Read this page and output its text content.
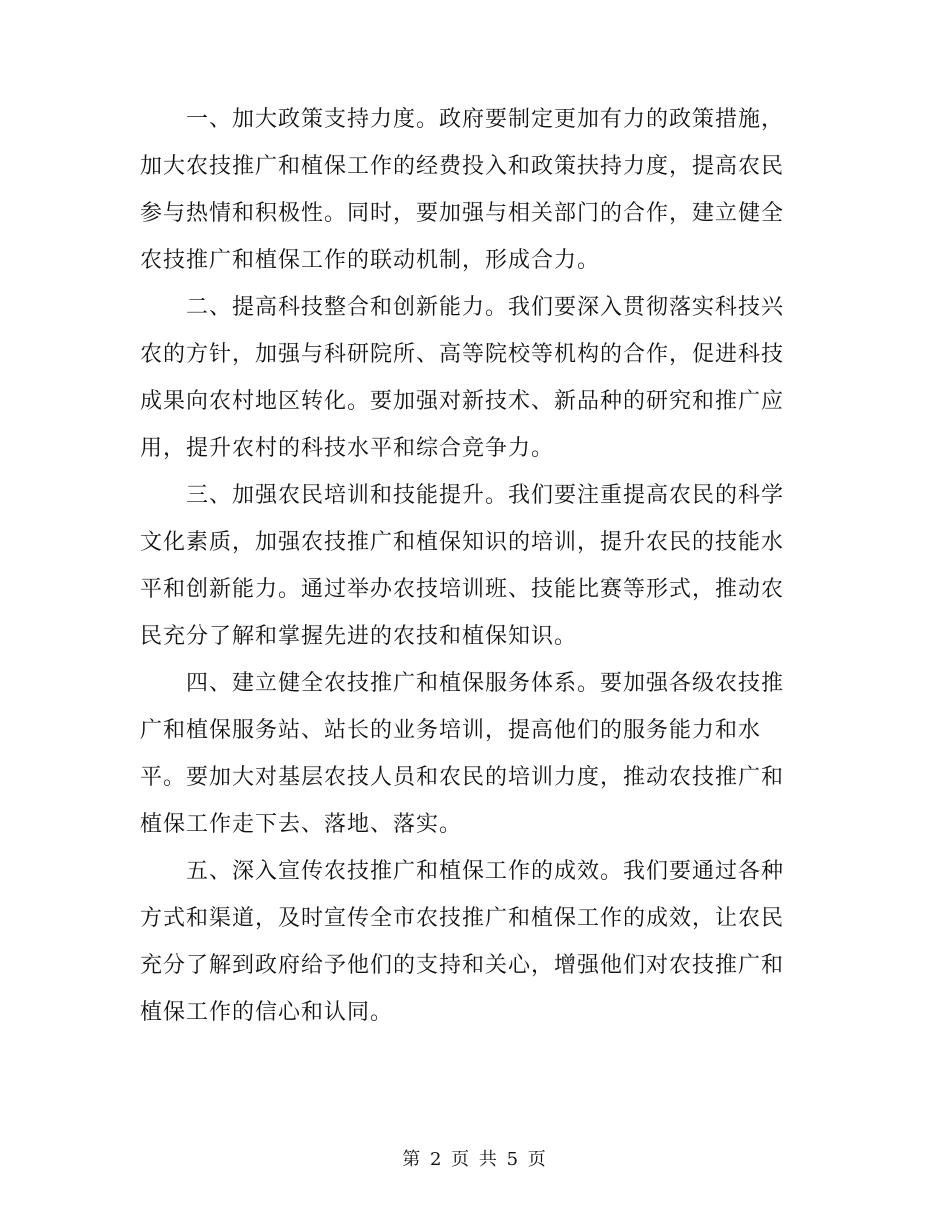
一、加大政策支持力度。政府要制定更加有力的政策措施，加大农技推广和植保工作的经费投入和政策扶持力度，提高农民参与热情和积极性。同时，要加强与相关部门的合作，建立健全农技推广和植保工作的联动机制，形成合力。

二、提高科技整合和创新能力。我们要深入贯彻落实科技兴农的方针，加强与科研院所、高等院校等机构的合作，促进科技成果向农村地区转化。要加强对新技术、新品种的研究和推广应用，提升农村的科技水平和综合竞争力。

三、加强农民培训和技能提升。我们要注重提高农民的科学文化素质，加强农技推广和植保知识的培训，提升农民的技能水平和创新能力。通过举办农技培训班、技能比赛等形式，推动农民充分了解和掌握先进的农技和植保知识。

四、建立健全农技推广和植保服务体系。要加强各级农技推广和植保服务站、站长的业务培训，提高他们的服务能力和水平。要加大对基层农技人员和农民的培训力度，推动农技推广和植保工作走下去、落地、落实。

五、深入宣传农技推广和植保工作的成效。我们要通过各种方式和渠道，及时宣传全市农技推广和植保工作的成效，让农民充分了解到政府给予他们的支持和关心，增强他们对农技推广和植保工作的信心和认同。

第 2 页 共 5 页
